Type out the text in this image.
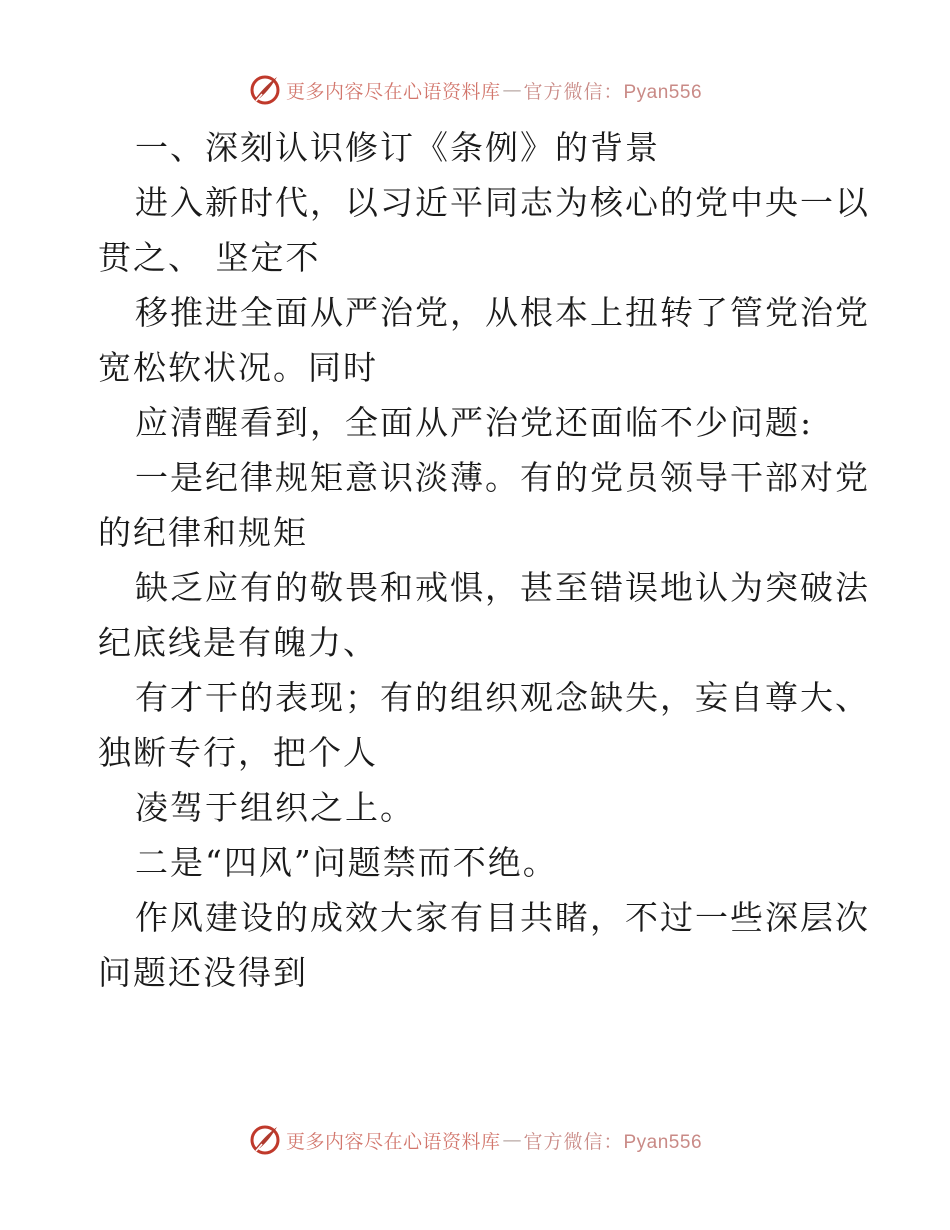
更多内容尽在心语资料库 — 官方微信：Pyan556
一、深刻认识修订《条例》的背景
进入新时代，以习近平同志为核心的党中央一以
贯之、 坚定不
移推进全面从严治党，从根本上扭转了管党治党
宽松软状况。同时
应清醒看到，全面从严治党还面临不少问题:
一是纪律规矩意识淡薄。有的党员领导干部对党
的纪律和规矩
缺乏应有的敬畏和戒惧，甚至错误地认为突破法
纪底线是有魄力、
有才干的表现；有的组织观念缺失，妄自尊大、
独断专行，把个人
凌驾于组织之上。
二是“四风”问题禁而不绝。
作风建设的成效大家有目共睹，不过一些深层次
问题还没得到
更多内容尽在心语资料库 — 官方微信：Pyan556
